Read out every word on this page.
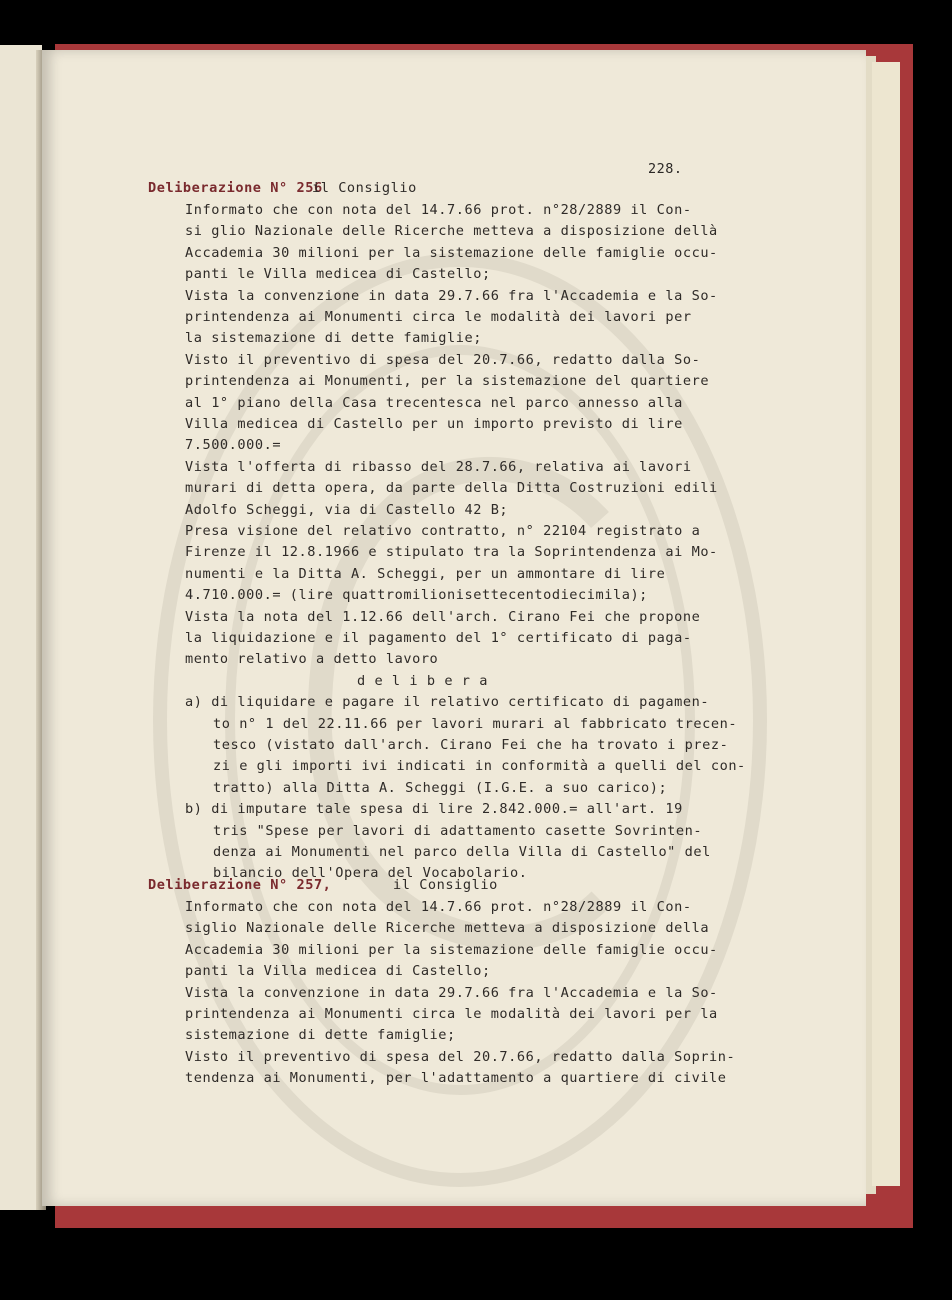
228.
Deliberazione N° 256
il Consiglio
Informato che con nota del 14.7.66 prot. n°28/2889 il Con-
si glio Nazionale delle Ricerche metteva a disposizione dellà
Accademia 30 milioni per la sistemazione delle famiglie occu-
panti le Villa medicea di Castello;
Vista la convenzione in data 29.7.66 fra l'Accademia e la So-
printendenza ai Monumenti circa le modalità dei lavori per
la sistemazione di dette famiglie;
Visto il preventivo di spesa del 20.7.66, redatto dalla So-
printendenza ai Monumenti, per la sistemazione del quartiere
al 1° piano della Casa trecentesca nel parco annesso alla
Villa medicea di Castello per un importo previsto di lire
7.500.000.=
Vista l'offerta di ribasso del 28.7.66, relativa ai lavori
murari di detta opera, da parte della Ditta Costruzioni edili
Adolfo Scheggi, via di Castello 42 B;
Presa visione del relativo contratto, n° 22104 registrato a
Firenze il 12.8.1966 e stipulato tra la Soprintendenza ai Mo-
numenti e la Ditta A. Scheggi, per un ammontare di lire
4.710.000.= (lire quattromilionisettecentodiecimila);
Vista la nota del 1.12.66 dell'arch. Cirano Fei che propone
la liquidazione e il pagamento del 1° certificato di paga-
mento relativo a detto lavoro
d e l i b e r a
a) di liquidare e pagare il relativo certificato di pagamen-
to n° 1 del 22.11.66 per lavori murari al fabbricato trecen-
tesco (vistato dall'arch. Cirano Fei che ha trovato i prez-
zi e gli importi ivi indicati in conformità a quelli del con-
tratto) alla Ditta A. Scheggi (I.G.E. a suo carico);
b) di imputare tale spesa di lire 2.842.000.= all'art. 19
tris "Spese per lavori di adattamento casette Sovrinten-
denza ai Monumenti nel parco della Villa di Castello" del
bilancio dell'Opera del Vocabolario.
Deliberazione N° 257,	il Consiglio
Informato che con nota del 14.7.66 prot. n°28/2889 il Con-
siglio Nazionale delle Ricerche metteva a disposizione della
Accademia 30 milioni per la sistemazione delle famiglie occu-
panti la Villa medicea di Castello;
Vista la convenzione in data 29.7.66 fra l'Accademia e la So-
printendenza ai Monumenti circa le modalità dei lavori per la
sistemazione di dette famiglie;
Visto il preventivo di spesa del 20.7.66, redatto dalla Soprin-
tendenza ai Monumenti, per l'adattamento a quartiere di civile
